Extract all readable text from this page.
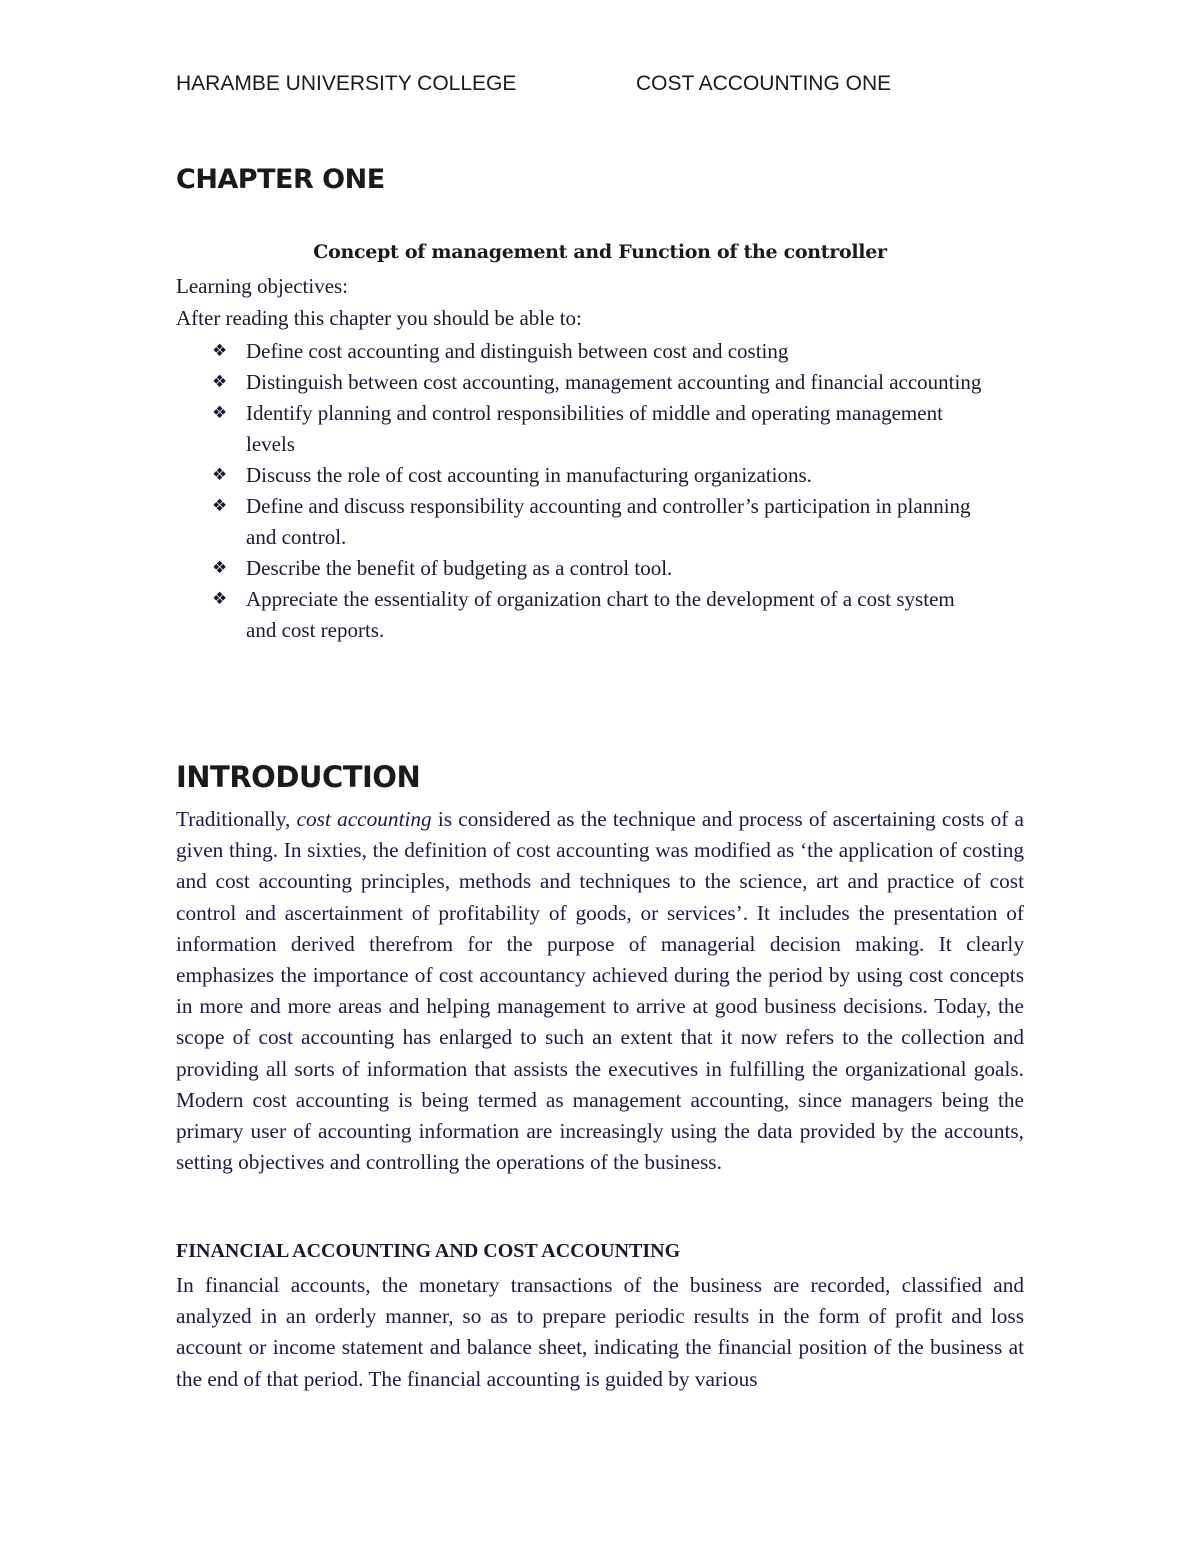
HARAMBE UNIVERSITY COLLEGE	COST ACCOUNTING ONE
CHAPTER ONE
Concept of management and Function of the controller
Learning objectives:
After reading this chapter you should be able to:
❖ Define cost accounting and distinguish between cost and costing
❖ Distinguish between cost accounting, management accounting and financial accounting
❖ Identify planning and control responsibilities of middle and operating management levels
❖ Discuss the role of cost accounting in manufacturing organizations.
❖ Define and discuss responsibility accounting and controller’s participation in planning and control.
❖ Describe the benefit of budgeting as a control tool.
❖ Appreciate the essentiality of organization chart to the development of a cost system and cost reports.
INTRODUCTION

Traditionally, cost accounting is considered as the technique and process of ascertaining costs of a given thing. In sixties, the definition of cost accounting was modified as ‘the application of costing and cost accounting principles, methods and techniques to the science, art and practice of cost control and ascertainment of profitability of goods, or services’. It includes the presentation of information derived therefrom for the purpose of managerial decision making. It clearly emphasizes the importance of cost accountancy achieved during the period by using cost concepts in more and more areas and helping management to arrive at good business decisions. Today, the scope of cost accounting has enlarged to such an extent that it now refers to the collection and providing all sorts of information that assists the executives in fulfilling the organizational goals. Modern cost accounting is being termed as management accounting, since managers being the primary user of accounting information are increasingly using the data provided by the accounts, setting objectives and controlling the operations of the business.

FINANCIAL ACCOUNTING AND COST ACCOUNTING

In financial accounts, the monetary transactions of the business are recorded, classified and analyzed in an orderly manner, so as to prepare periodic results in the form of profit and loss account or income statement and balance sheet, indicating the financial position of the business at the end of that period. The financial accounting is guided by various
